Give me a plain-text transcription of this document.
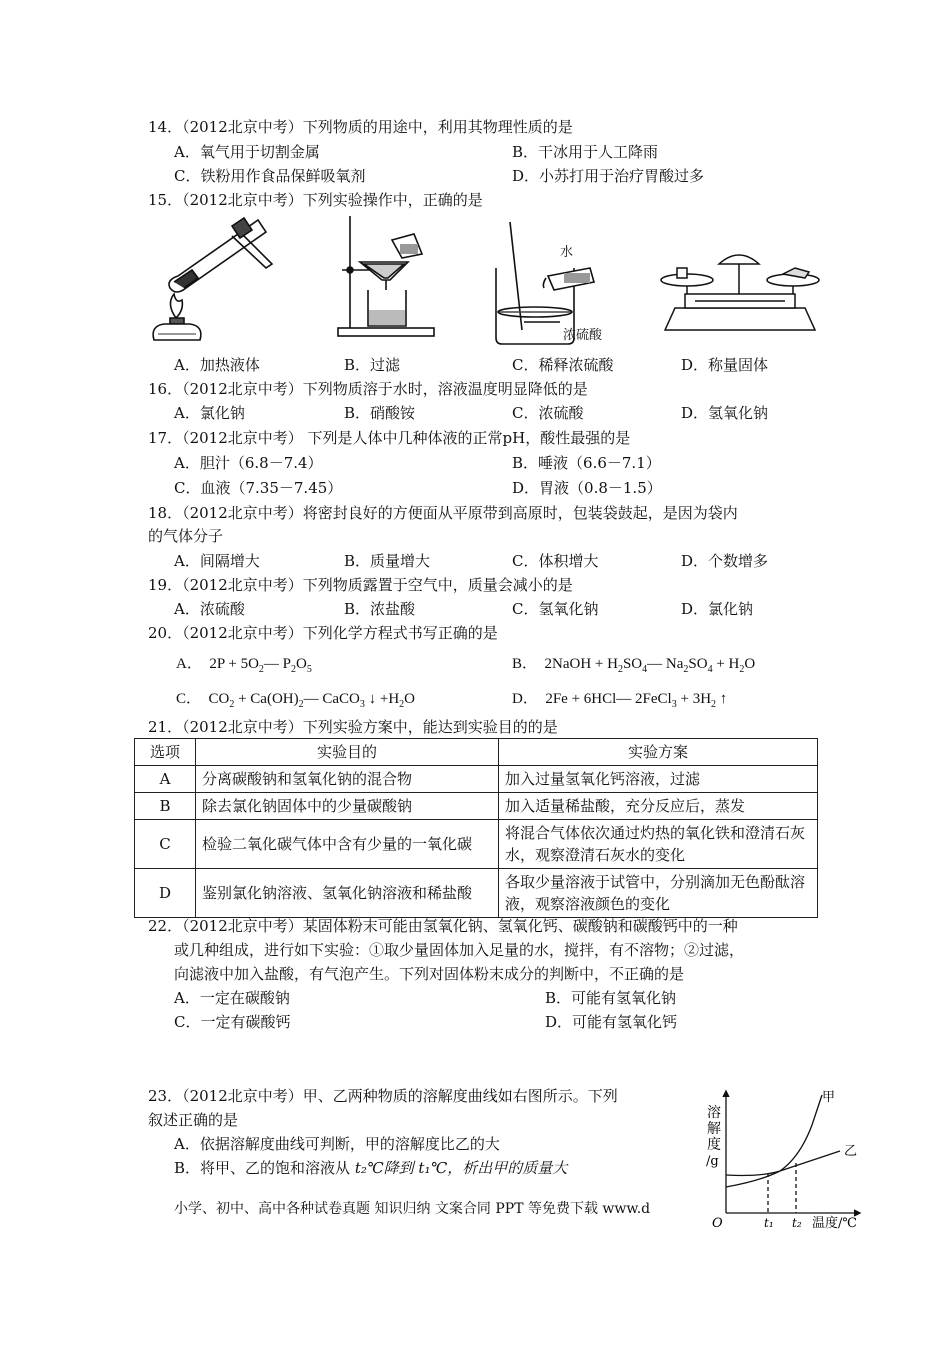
14．（2012北京中考）下列物质的用途中，利用其物理性质的是
A．氧气用于切割金属	B．干冰用于人工降雨
C．铁粉用作食品保鲜吸氧剂	D．小苏打用于治疗胃酸过多
15．（2012北京中考）下列实验操作中，正确的是
水
浓硫酸
A．加热液体	B．过滤	C．稀释浓硫酸	D．称量固体
16．（2012北京中考）下列物质溶于水时，溶液温度明显降低的是
A．氯化钠	B．硝酸铵	C．浓硫酸	D．氢氧化钠
17．（2012北京中考） 下列是人体中几种体液的正常pH，酸性最强的是
A．胆汁（6.8－7.4）	B．唾液（6.6－7.1）
C．血液（7.35－7.45）	D．胃液（0.8－1.5）
18．（2012北京中考）将密封良好的方便面从平原带到高原时，包装袋鼓起，是因为袋内
的气体分子
A．间隔增大	B．质量增大	C．体积增大	D．个数增多
19．（2012北京中考）下列物质露置于空气中，质量会减小的是
A．浓硫酸	B．浓盐酸	C．氢氧化钠	D．氯化钠
20．（2012北京中考）下列化学方程式书写正确的是
A．  $2P + 5O_2—$ $P_2O_5$	B．  2NaOH + $H_2SO_4—$ $Na_2SO_4 + H_2O$
C．  $CO_2$ + $Ca(OH)_2—$ CaCO$_3$ ↓ $+H_2O$	D．  2Fe + 6HCl— 2FeCl$_3$ + $3H_2$ ↑
21．（2012北京中考）下列实验方案中，能达到实验目的的是
选项	实验目的	实验方案
A	分离碳酸钠和氢氧化钠的混合物	加入过量氢氧化钙溶液，过滤
B	除去氯化钠固体中的少量碳酸钠	加入适量稀盐酸，充分反应后，蒸发
C	检验二氧化碳气体中含有少量的一氧化碳	将混合气体依次通过灼热的氧化铁和澄清石灰水，观察澄清石灰水的变化
D	鉴别氯化钠溶液、氢氧化钠溶液和稀盐酸	各取少量溶液于试管中，分别滴加无色酚酞溶液，观察溶液颜色的变化
22．（2012北京中考）某固体粉末可能由氢氧化钠、氢氧化钙、碳酸钠和碳酸钙中的一种
或几种组成，进行如下实验：①取少量固体加入足量的水，搅拌，有不溶物；②过滤，
向滤液中加入盐酸，有气泡产生。下列对固体粉末成分的判断中，不正确的是
A．一定在碳酸钠	B．可能有氢氧化钠
C．一定有碳酸钙	D．可能有氢氧化钙
23．（2012北京中考）甲、乙两种物质的溶解度曲线如右图所示。下列
叙述正确的是
A．依据溶解度曲线可判断，甲的溶解度比乙的大
B．将甲、乙的饱和溶液从 t₂℃降到 t₁℃，析出甲的质量大
溶
解
度
/g
O	t₁ t₂ 温度/℃
甲
乙
小学、初中、高中各种试卷真题 知识归纳 文案合同 PPT 等免费下载 www.d
